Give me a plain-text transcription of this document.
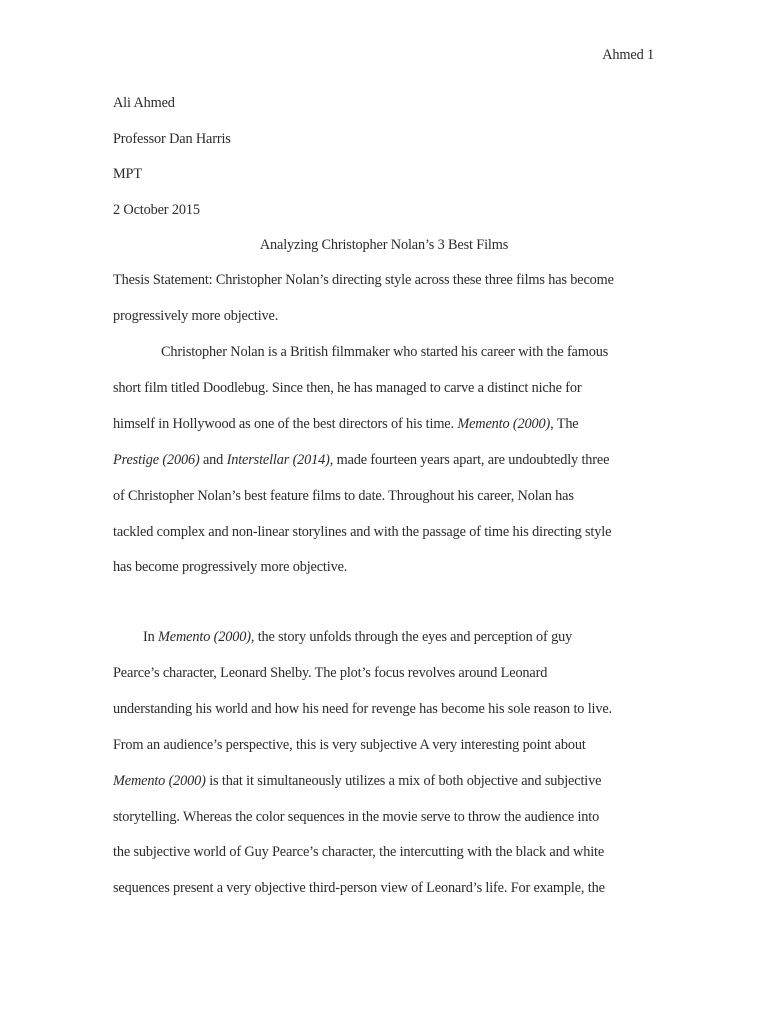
Ahmed 1
Ali Ahmed
Professor Dan Harris
MPT
2 October 2015
Analyzing Christopher Nolan’s 3 Best Films

Thesis Statement: Christopher Nolan’s directing style across these three films has become

progressively more objective.

Christopher Nolan is a British filmmaker who started his career with the famous

short film titled Doodlebug. Since then, he has managed to carve a distinct niche for

himself in Hollywood as one of the best directors of his time. Memento (2000), The

Prestige (2006) and Interstellar (2014), made fourteen years apart, are undoubtedly three

of Christopher Nolan’s best feature films to date. Throughout his career, Nolan has

tackled complex and non-linear storylines and with the passage of time his directing style

has become progressively more objective.

In Memento (2000), the story unfolds through the eyes and perception of guy

Pearce’s character, Leonard Shelby. The plot’s focus revolves around Leonard

understanding his world and how his need for revenge has become his sole reason to live.

From an audience’s perspective, this is very subjective A very interesting point about

Memento (2000) is that it simultaneously utilizes a mix of both objective and subjective

storytelling. Whereas the color sequences in the movie serve to throw the audience into

the subjective world of Guy Pearce’s character, the intercutting with the black and white

sequences present a very objective third-person view of Leonard’s life. For example, the
